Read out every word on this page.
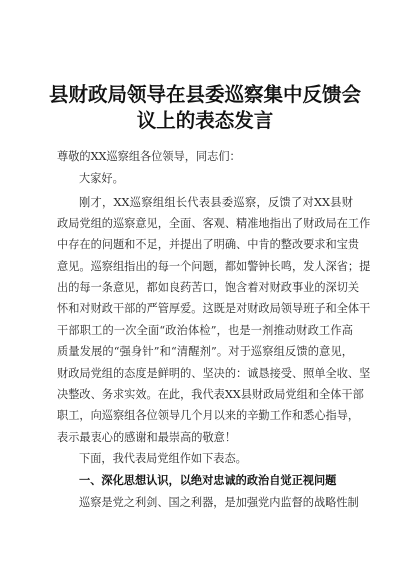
县财政局领导在县委巡察集中反馈会
议上的表态发言
尊敬的XX巡察组各位领导，同志们：
大家好。
刚才，XX巡察组组长代表县委巡察，反馈了对XX县财
政局党组的巡察意见，全面、客观、精准地指出了财政局在工作
中存在的问题和不足，并提出了明确、中肯的整改要求和宝贵
意见。巡察组指出的每一个问题，都如警钟长鸣，发人深省；提
出的每一条意见，都如良药苦口，饱含着对财政事业的深切关
怀和对财政干部的严管厚爱。这既是对财政局领导班子和全体干
干部职工的一次全面“政治体检”，也是一剂推动财政工作高
质量发展的“强身针”和“清醒剂”。对于巡察组反馈的意见，
财政局党组的态度是鲜明的、坚决的：诚恳接受、照单全收、坚
决整改、务求实效。在此，我代表XX县财政局党组和全体干部
职工，向巡察组各位领导几个月以来的辛勤工作和悉心指导，
表示最衷心的感谢和最崇高的敬意！
下面，我代表局党组作如下表态。
一、深化思想认识，以绝对忠诚的政治自觉正视问题
巡察是党之利剑、国之利器，是加强党内监督的战略性制
